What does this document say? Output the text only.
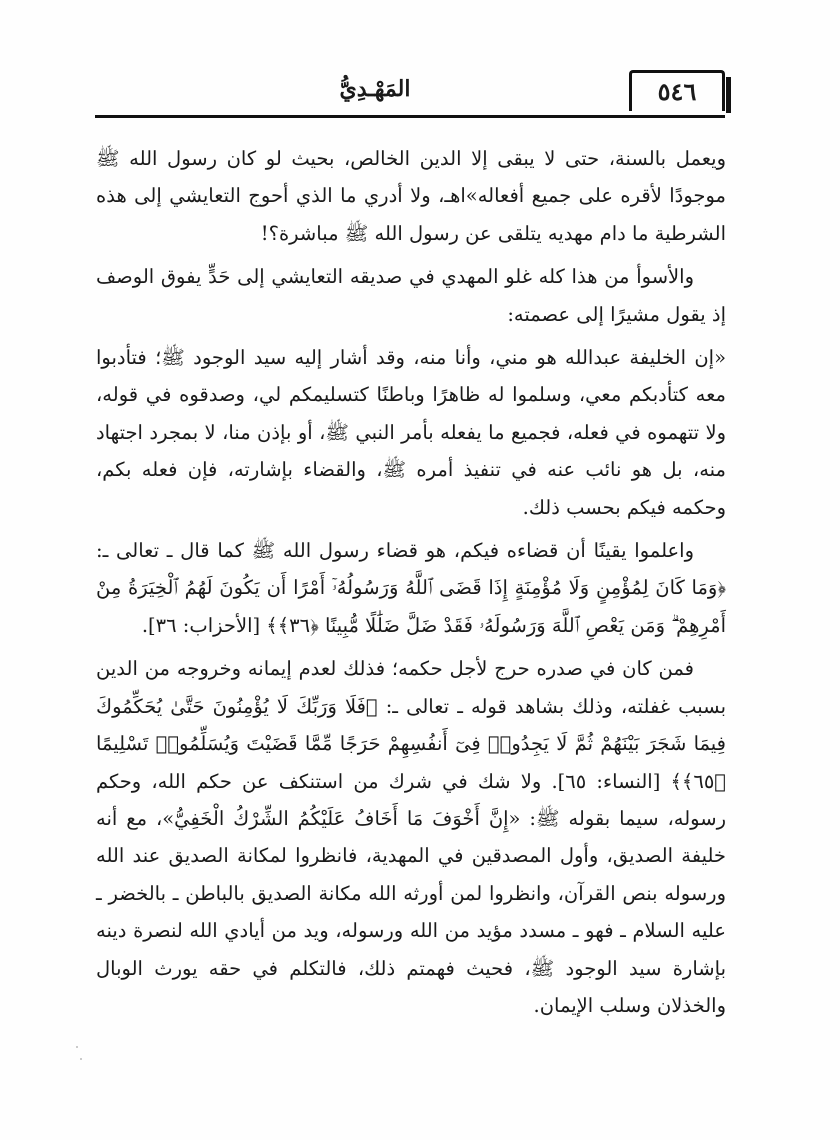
المَهْـدِيُّ	٥٤٦

ويعمل بالسنة، حتى لا يبقى إلا الدين الخالص، بحيث لو كان رسول الله ﷺ موجودًا لأقره على جميع أفعاله»اهـ، ولا أدري ما الذي أحوج التعايشي إلى هذه الشرطية ما دام مهديه يتلقى عن رسول الله ﷺ مباشرة؟!

والأسوأ من هذا كله غلو المهدي في صديقه التعايشي إلى حَدٍّ يفوق الوصف إذ يقول مشيرًا إلى عصمته:

«إن الخليفة عبدالله هو مني، وأنا منه، وقد أشار إليه سيد الوجود ﷺ؛ فتأدبوا معه كتأدبكم معي، وسلموا له ظاهرًا وباطنًا كتسليمكم لي، وصدقوه في قوله، ولا تتهموه في فعله، فجميع ما يفعله بأمر النبي ﷺ، أو بإذن منا، لا بمجرد اجتهاد منه، بل هو نائب عنه في تنفيذ أمره ﷺ، والقضاء بإشارته، فإن فعله بكم، وحكمه فيكم بحسب ذلك.

واعلموا يقينًا أن قضاءه فيكم، هو قضاء رسول الله ﷺ كما قال ـ تعالى ـ: ﴿وَمَا كَانَ لِمُؤْمِنٍ وَلَا مُؤْمِنَةٍ إِذَا قَضَى ٱللَّهُ وَرَسُولُهُۥٓ أَمْرًا أَن يَكُونَ لَهُمُ ٱلْخِيَرَةُ مِنْ أَمْرِهِمْ ۗ وَمَن يَعْصِ ٱللَّهَ وَرَسُولَهُۥ فَقَدْ ضَلَّ ضَلَٰلًا مُّبِينًا ﴿٣٦﴾﴾ [الأحزاب: ٣٦].

فمن كان في صدره حرج لأجل حكمه؛ فذلك لعدم إيمانه وخروجه من الدين بسبب غفلته، وذلك بشاهد قوله ـ تعالى ـ: ﴿فَلَا وَرَبِّكَ لَا يُؤْمِنُونَ حَتَّىٰ يُحَكِّمُوكَ فِيمَا شَجَرَ بَيْنَهُمْ ثُمَّ لَا يَجِدُوا۟ فِىٓ أَنفُسِهِمْ حَرَجًا مِّمَّا قَضَيْتَ وَيُسَلِّمُوا۟ تَسْلِيمًا ﴿٦٥﴾﴾ [النساء: ٦٥]. ولا شك في شرك من استنكف عن حكم الله، وحكم رسوله، سيما بقوله ﷺ: «إِنَّ أَخْوَفَ مَا أَخَافُ عَلَيْكُمُ الشِّرْكُ الْخَفِيُّ»، مع أنه خليفة الصديق، وأول المصدقين في المهدية، فانظروا لمكانة الصديق عند الله ورسوله بنص القرآن، وانظروا لمن أورثه الله مكانة الصديق بالباطن ـ بالخضر ـ عليه السلام ـ فهو ـ مسدد مؤيد من الله ورسوله، ويد من أيادي الله لنصرة دينه بإشارة سيد الوجود ﷺ، فحيث فهمتم ذلك، فالتكلم في حقه يورث الوبال والخذلان وسلب الإيمان.
